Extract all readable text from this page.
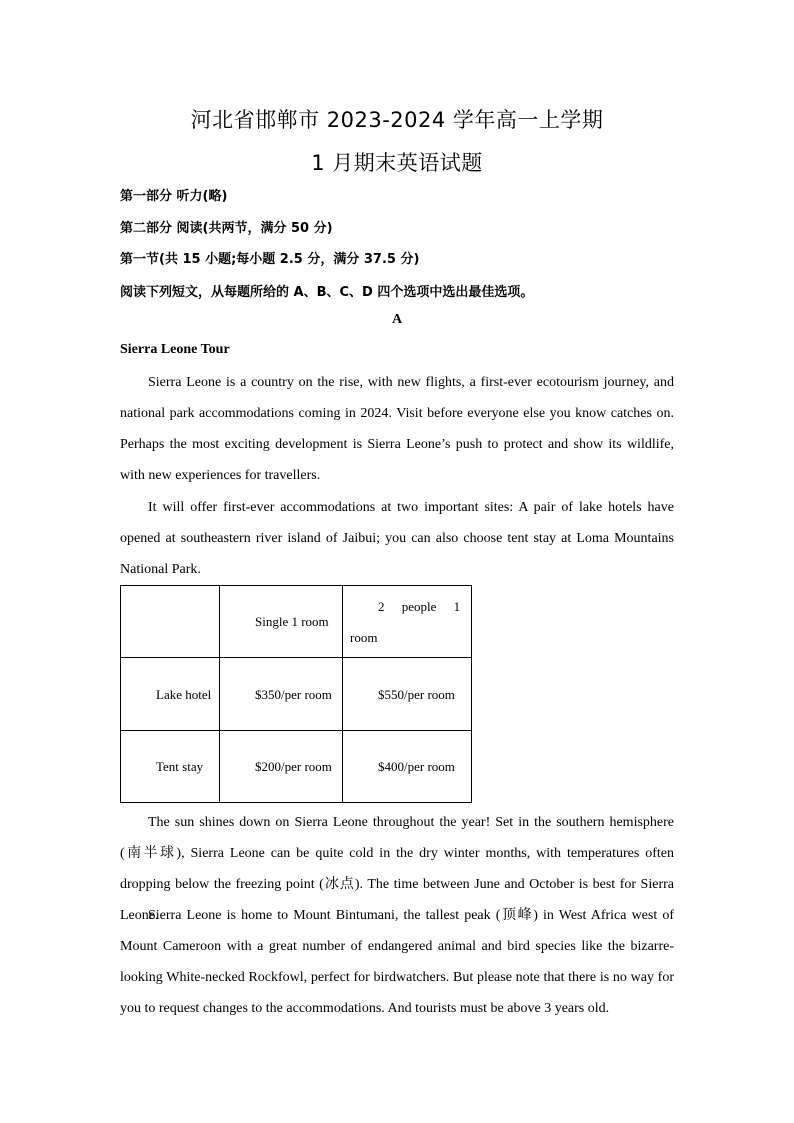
河北省邯郸市 2023-2024 学年高一上学期
1 月期末英语试题
第一部分 听力(略)
第二部分 阅读(共两节，满分 50 分)
第一节(共 15 小题;每小题 2.5 分，满分 37.5 分)
阅读下列短文，从每题所给的 A、B、C、D 四个选项中选出最佳选项。
A
Sierra Leone Tour

Sierra Leone is a country on the rise, with new flights, a first-ever ecotourism journey, and national park accommodations coming in 2024. Visit before everyone else you know catches on. Perhaps the most exciting development is Sierra Leone’s push to protect and show its wildlife, with new experiences for travellers.

It will offer first-ever accommodations at two important sites: A pair of lake hotels have opened at southeastern river island of Jaibui; you can also choose tent stay at Loma Mountains National Park.

	Single 1 room	2 people 1 room

Lake hotel	$350/per room	$550/per room

Tent stay	$200/per room	$400/per room

The sun shines down on Sierra Leone throughout the year! Set in the southern hemisphere (南半球), Sierra Leone can be quite cold in the dry winter months, with temperatures often dropping below the freezing point (冰点). The time between June and October is best for Sierra Leone.

Sierra Leone is home to Mount Bintumani, the tallest peak (顶峰) in West Africa west of Mount Cameroon with a great number of endangered animal and bird species like the bizarre-looking White-necked Rockfowl, perfect for birdwatchers. But please note that there is no way for you to request changes to the accommodations. And tourists must be above 3 years old.
